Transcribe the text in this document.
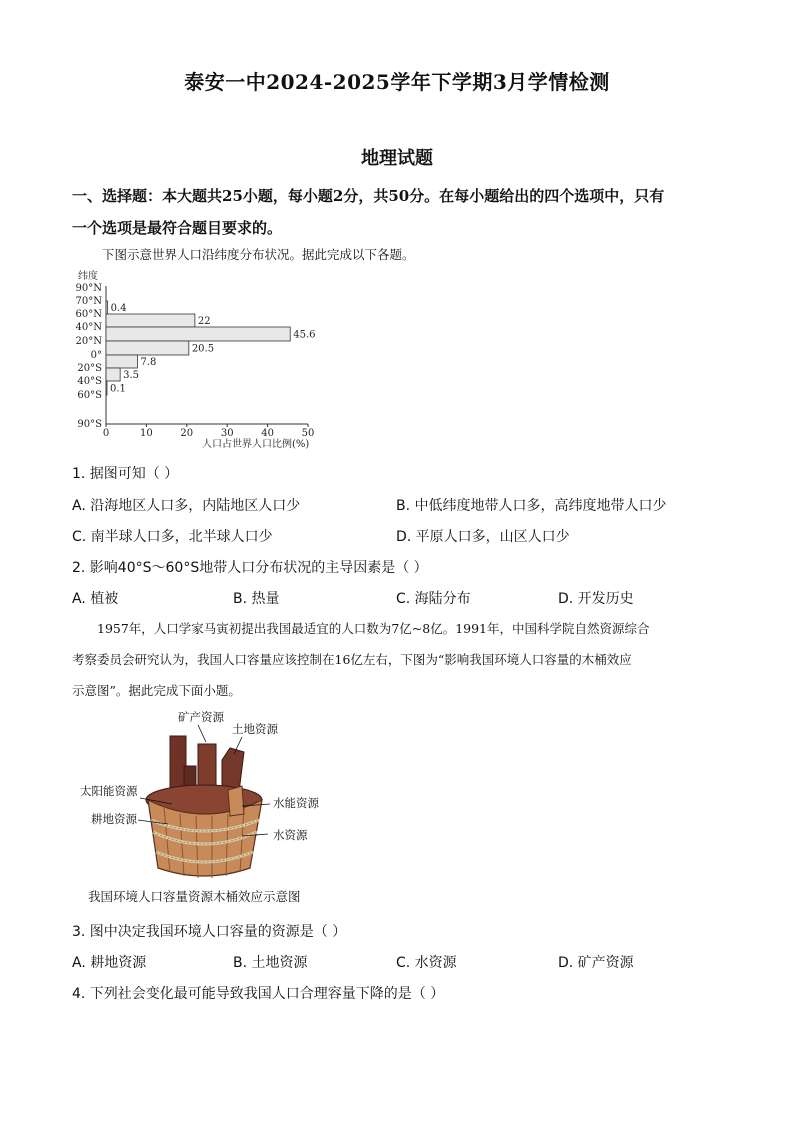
泰安一中2024-2025学年下学期3月学情检测
地理试题
一、选择题：本大题共25小题，每小题2分，共50分。在每小题给出的四个选项中，只有
一个选项是最符合题目要求的。
下图示意世界人口沿纬度分布状况。据此完成以下各题。
纬度
90°N
70°N
60°N
40°N
20°N
0°
20°S
40°S
60°S
90°S
0.4
22
45.6
20.5
7.8
3.5
0.1
0	10	20	30	40	50
人口占世界人口比例(%)
1. 据图可知（ ）
A. 沿海地区人口多，内陆地区人口少	B. 中低纬度地带人口多，高纬度地带人口少
C. 南半球人口多，北半球人口少	D. 平原人口多，山区人口少
2. 影响40°S～60°S地带人口分布状况的主导因素是（ ）
A. 植被	B. 热量	C. 海陆分布	D. 开发历史
1957年，人口学家马寅初提出我国最适宜的人口数为7亿~8亿。1991年，中国科学院自然资源综合
考察委员会研究认为，我国人口容量应该控制在16亿左右，下图为“影响我国环境人口容量的木桶效应
示意图”。据此完成下面小题。
矿产资源
土地资源
太阳能资源
水能资源
耕地资源
水资源
我国环境人口容量资源木桶效应示意图
3. 图中决定我国环境人口容量的资源是（ ）
A. 耕地资源	B. 土地资源	C. 水资源	D. 矿产资源
4. 下列社会变化最可能导致我国人口合理容量下降的是（ ）
